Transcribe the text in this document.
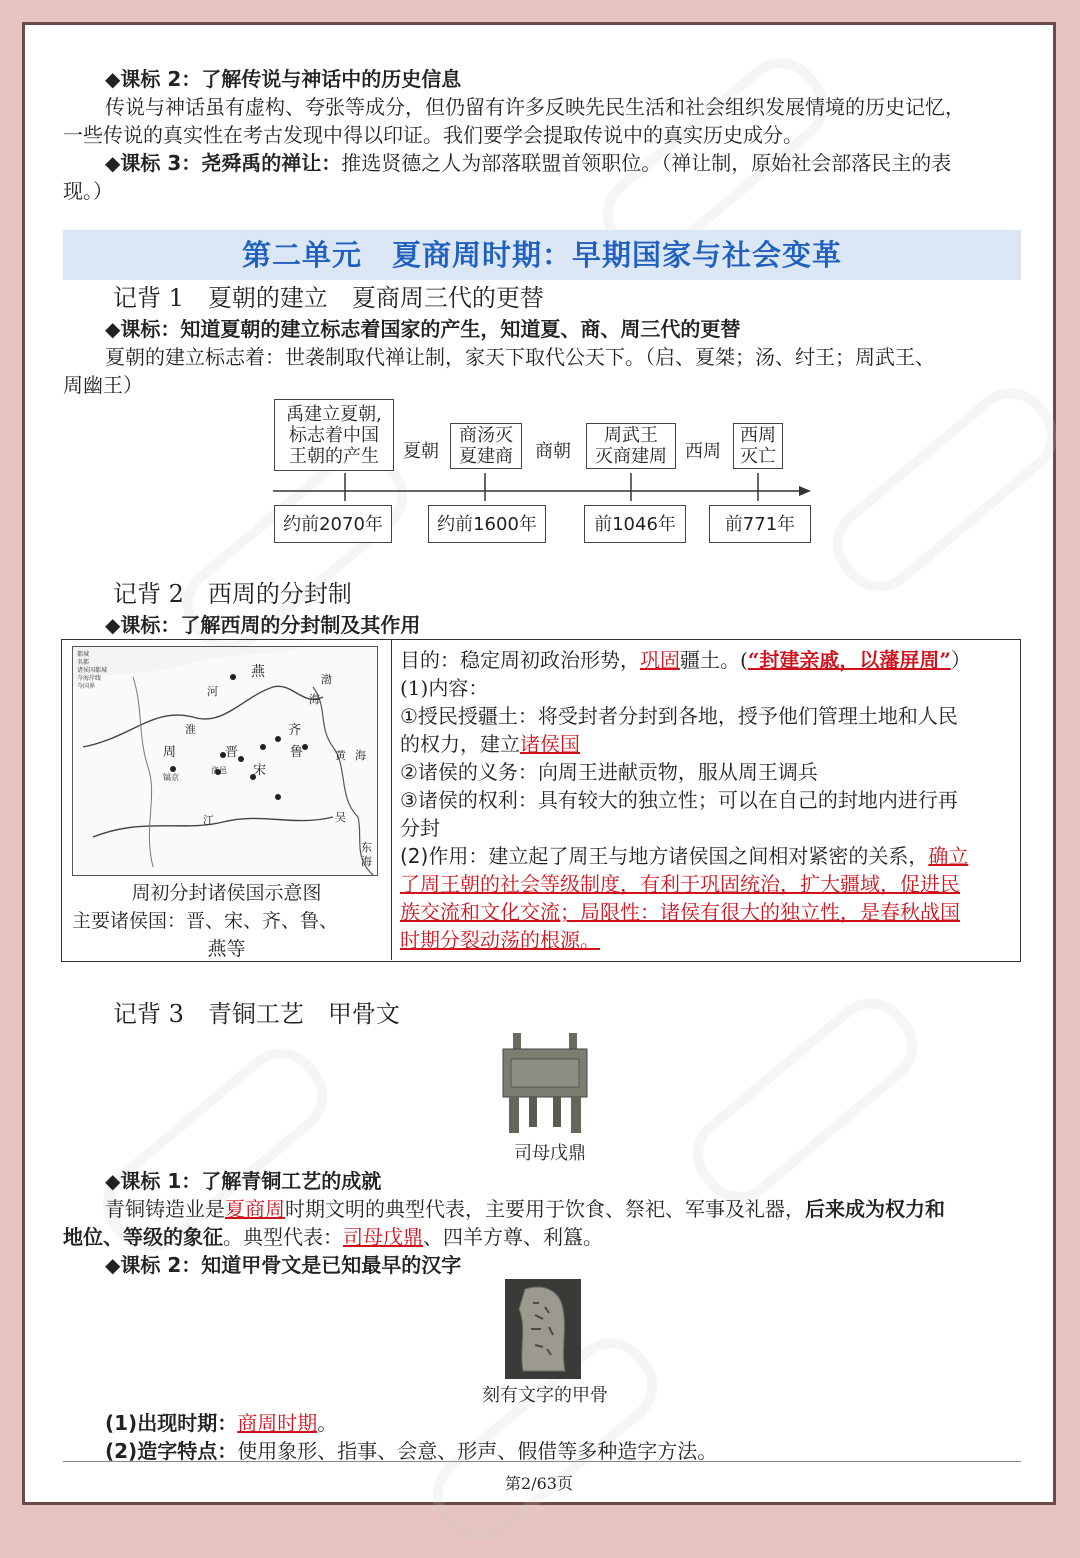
◆课标 2：了解传说与神话中的历史信息
传说与神话虽有虚构、夸张等成分，但仍留有许多反映先民生活和社会组织发展情境的历史记忆，
一些传说的真实性在考古发现中得以印证。我们要学会提取传说中的真实历史成分。
◆课标 3：尧舜禹的禅让：推选贤德之人为部落联盟首领职位。（禅让制，原始社会部落民主的表
现。）
第二单元　夏商周时期：早期国家与社会变革
记背 1　夏朝的建立　夏商周三代的更替
◆课标：知道夏朝的建立标志着国家的产生，知道夏、商、周三代的更替
夏朝的建立标志着：世袭制取代禅让制，家天下取代公天下。（启、夏桀；汤、纣王；周武王、
周幽王）
禹建立夏朝,
标志着中国
王朝的产生	夏朝
商汤灭
夏建商	商朝
周武王
灭商建周	西周
西周
灭亡
约前2070年	约前1600年	前1046年	前771年
记背 2　西周的分封制
◆课标：了解西周的分封制及其作用
都城
名都
诸侯国都城
今海岸线
今国界
燕
河
周
齐
鲁
晋
宋
镐京
洛邑
渤
海
黄 海
江	吴
东
海
淮
周初分封诸侯国示意图
主要诸侯国：晋、宋、齐、鲁、
燕等
目的：稳定周初政治形势，巩固疆土。(“封建亲戚，以藩屏周”）
(1)内容：
①授民授疆土：将受封者分封到各地，授予他们管理土地和人民
的权力，建立诸侯国
②诸侯的义务：向周王进献贡物，服从周王调兵
③诸侯的权利：具有较大的独立性；可以在自己的封地内进行再
分封
(2)作用：建立起了周王与地方诸侯国之间相对紧密的关系，确立
了周王朝的社会等级制度，有利于巩固统治，扩大疆域，促进民
族交流和文化交流；局限性：诸侯有很大的独立性，是春秋战国
时期分裂动荡的根源。
记背 3　青铜工艺　甲骨文
司母戊鼎
◆课标 1：了解青铜工艺的成就
青铜铸造业是夏商周时期文明的典型代表，主要用于饮食、祭祀、军事及礼器，后来成为权力和
地位、等级的象征。典型代表：司母戊鼎、四羊方尊、利簋。
◆课标 2：知道甲骨文是已知最早的汉字
刻有文字的甲骨
(1)出现时期：商周时期。
(2)造字特点：使用象形、指事、会意、形声、假借等多种造字方法。
第2/63页
